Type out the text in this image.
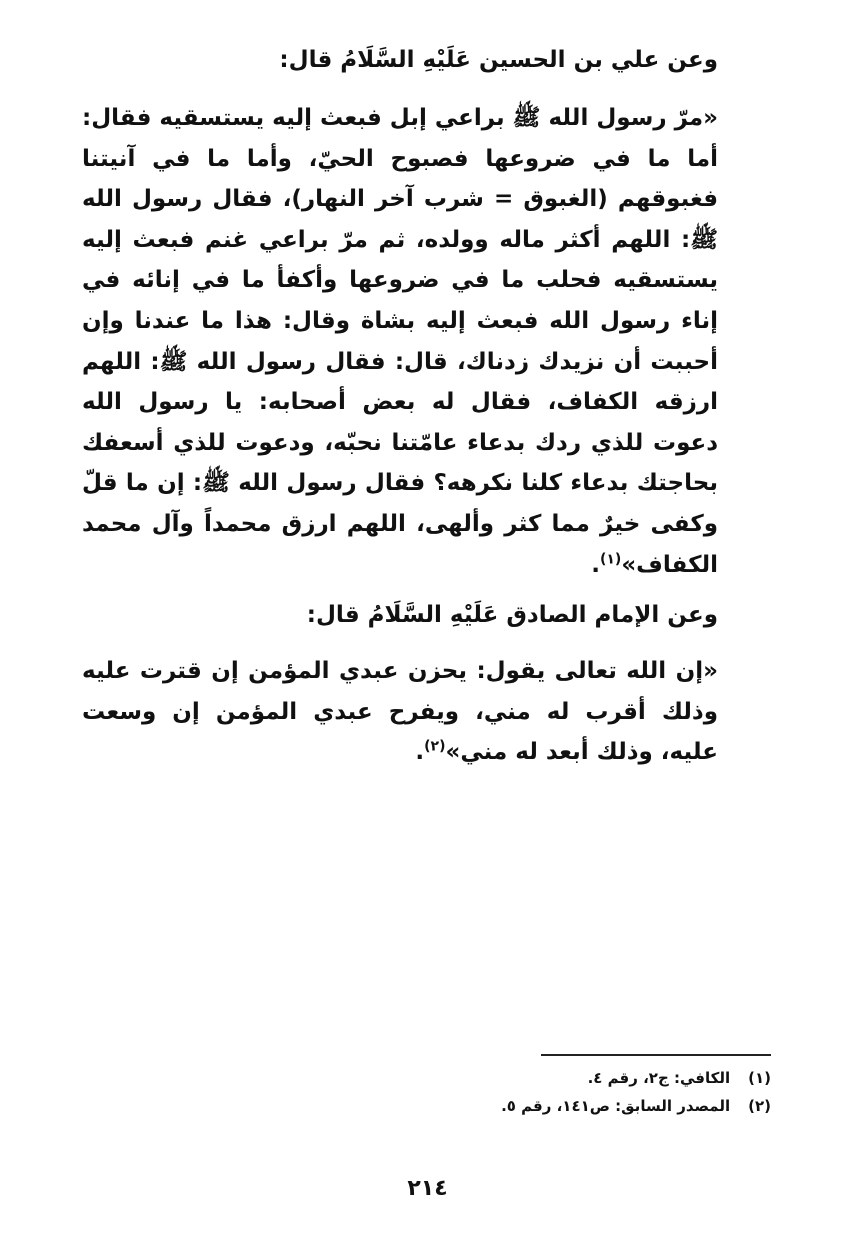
وعن علي بن الحسين عَلَيْهِ السَّلَامُ قال:

«مرّ رسول الله ﷺ براعي إبل فبعث إليه يستسقيه فقال: أما ما في ضروعها فصبوح الحيّ، وأما ما في آنيتنا فغبوقهم (الغبوق = شرب آخر النهار)، فقال رسول الله ﷺ: اللهم أكثر ماله وولده، ثم مرّ براعي غنم فبعث إليه يستسقيه فحلب ما في ضروعها وأكفأ ما في إنائه في إناء رسول الله فبعث إليه بشاة وقال: هذا ما عندنا وإن أحببت أن نزيدك زدناك، قال: فقال رسول الله ﷺ: اللهم ارزقه الكفاف، فقال له بعض أصحابه: يا رسول الله دعوت للذي ردك بدعاء عامّتنا نحبّه، ودعوت للذي أسعفك بحاجتك بدعاء كلنا نكرهه؟ فقال رسول الله ﷺ: إن ما قلّ وكفى خيرٌ مما كثر وألهى، اللهم ارزق محمداً وآل محمد الكفاف»$^{(١)}$.

وعن الإمام الصادق عَلَيْهِ السَّلَامُ قال:

«إن الله تعالى يقول: يحزن عبدي المؤمن إن قترت عليه وذلك أقرب له مني، ويفرح عبدي المؤمن إن وسعت عليه، وذلك أبعد له مني»$^{(٢)}$.

(١)
الكافي: ج٢، رقم ٤.
(٢)
المصدر السابق: ص١٤١، رقم ٥.
٢١٤
